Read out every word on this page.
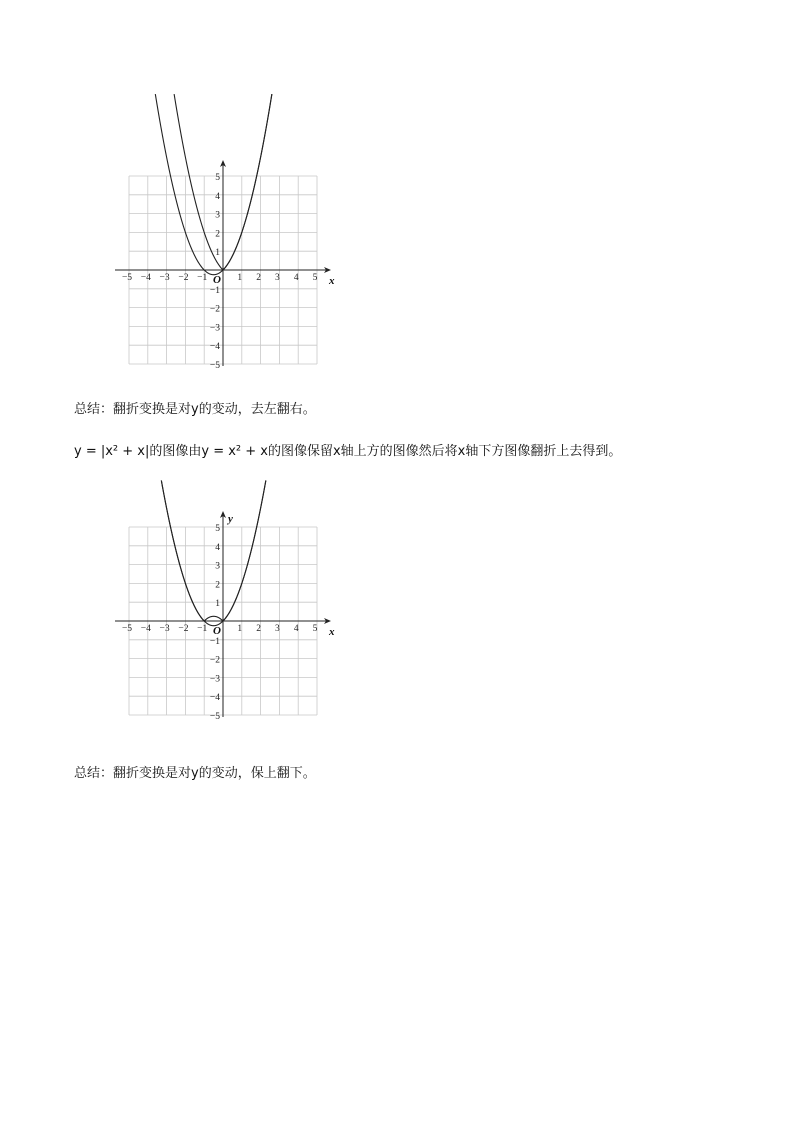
−5 −4 −3 −2 −1	1 2 3 4 5
5
4
3
2
1
−1
−2
−3
−4
−5
O	x
−5 −4 −3 −2 −1	1 2 3 4 5
5
4
3
2
1
−1
−2
−3
−4
−5
O	x
y
总结：翻折变换是对y的变动，去左翻右。
y = |x² + x|的图像由y = x² + x的图像保留x轴上方的图像然后将x轴下方图像翻折上去得到。
总结：翻折变换是对y的变动，保上翻下。
